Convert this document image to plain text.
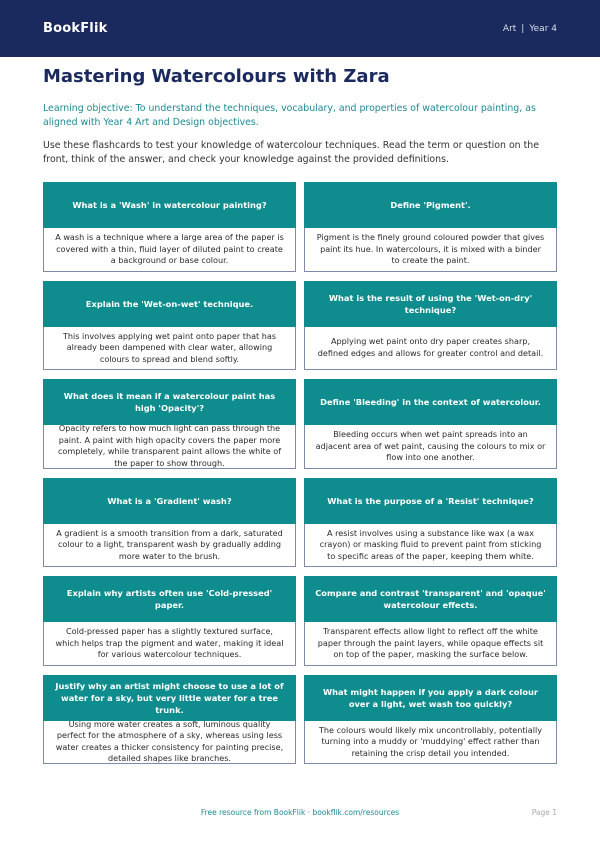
BookFlik	Art | Year 4
Mastering Watercolours with Zara
Learning objective: To understand the techniques, vocabulary, and properties of watercolour painting, as aligned with Year 4 Art and Design objectives.
Use these flashcards to test your knowledge of watercolour techniques. Read the term or question on the front, think of the answer, and check your knowledge against the provided definitions.
What is a 'Wash' in watercolour painting?
A wash is a technique where a large area of the paper is covered with a thin, fluid layer of diluted paint to create a background or base colour.
Define 'Pigment'.
Pigment is the finely ground coloured powder that gives paint its hue. In watercolours, it is mixed with a binder to create the paint.
Explain the 'Wet-on-wet' technique.
This involves applying wet paint onto paper that has already been dampened with clear water, allowing colours to spread and blend softly.
What is the result of using the 'Wet-on-dry' technique?
Applying wet paint onto dry paper creates sharp, defined edges and allows for greater control and detail.
What does it mean if a watercolour paint has high 'Opacity'?
Opacity refers to how much light can pass through the paint. A paint with high opacity covers the paper more completely, while transparent paint allows the white of the paper to show through.
Define 'Bleeding' in the context of watercolour.
Bleeding occurs when wet paint spreads into an adjacent area of wet paint, causing the colours to mix or flow into one another.
What is a 'Gradient' wash?
A gradient is a smooth transition from a dark, saturated colour to a light, transparent wash by gradually adding more water to the brush.
What is the purpose of a 'Resist' technique?
A resist involves using a substance like wax (a wax crayon) or masking fluid to prevent paint from sticking to specific areas of the paper, keeping them white.
Explain why artists often use 'Cold-pressed' paper.
Cold-pressed paper has a slightly textured surface, which helps trap the pigment and water, making it ideal for various watercolour techniques.
Compare and contrast 'transparent' and 'opaque' watercolour effects.
Transparent effects allow light to reflect off the white paper through the paint layers, while opaque effects sit on top of the paper, masking the surface below.
Justify why an artist might choose to use a lot of water for a sky, but very little water for a tree trunk.
Using more water creates a soft, luminous quality perfect for the atmosphere of a sky, whereas using less water creates a thicker consistency for painting precise, detailed shapes like branches.
What might happen if you apply a dark colour over a light, wet wash too quickly?
The colours would likely mix uncontrollably, potentially turning into a muddy or 'muddying' effect rather than retaining the crisp detail you intended.
Free resource from BookFlik · bookflik.com/resources	Page 1
